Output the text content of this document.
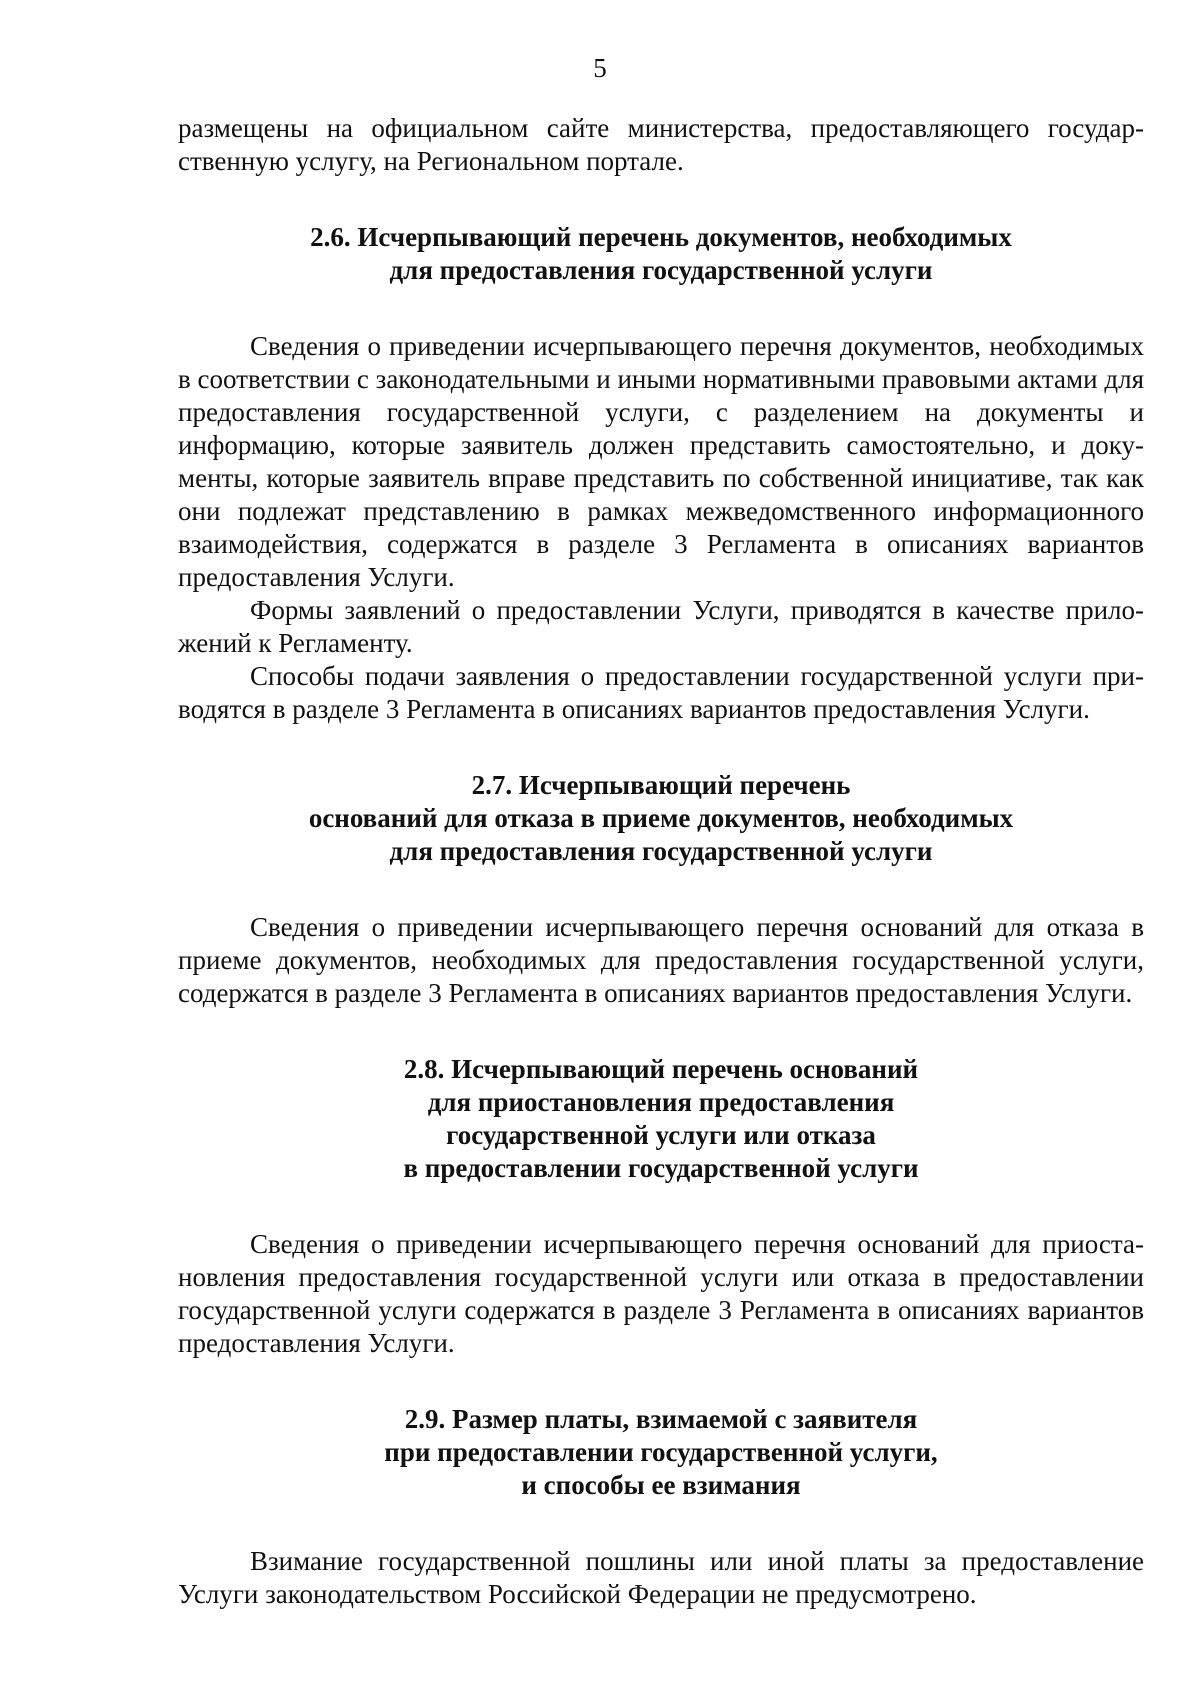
5

размещены на официальном сайте министерства, предоставляющего государственную услугу, на Региональном портале.

2.6. Исчерпывающий перечень документов, необходимых
для предоставления государственной услуги

Сведения о приведении исчерпывающего перечня документов, необходимых в соответствии с законодательными и иными нормативными правовыми актами для предоставления государственной услуги, с разделением на документы и информацию, которые заявитель должен представить самостоятельно, и документы, которые заявитель вправе представить по собственной инициативе, так как они подлежат представлению в рамках межведомственного информационного взаимодействия, содержатся в разделе 3 Регламента в описаниях вариантов предоставления Услуги.

Формы заявлений о предоставлении Услуги, приводятся в качестве приложений к Регламенту.

Способы подачи заявления о предоставлении государственной услуги приводятся в разделе 3 Регламента в описаниях вариантов предоставления Услуги.

2.7. Исчерпывающий перечень
оснований для отказа в приеме документов, необходимых
для предоставления государственной услуги

Сведения о приведении исчерпывающего перечня оснований для отказа в приеме документов, необходимых для предоставления государственной услуги, содержатся в разделе 3 Регламента в описаниях вариантов предоставления Услуги.

2.8. Исчерпывающий перечень оснований
для приостановления предоставления
государственной услуги или отказа
в предоставлении государственной услуги

Сведения о приведении исчерпывающего перечня оснований для приостановления предоставления государственной услуги или отказа в предоставлении государственной услуги содержатся в разделе 3 Регламента в описаниях вариантов предоставления Услуги.

2.9. Размер платы, взимаемой с заявителя
при предоставлении государственной услуги,
и способы ее взимания

Взимание государственной пошлины или иной платы за предоставление Услуги законодательством Российской Федерации не предусмотрено.
